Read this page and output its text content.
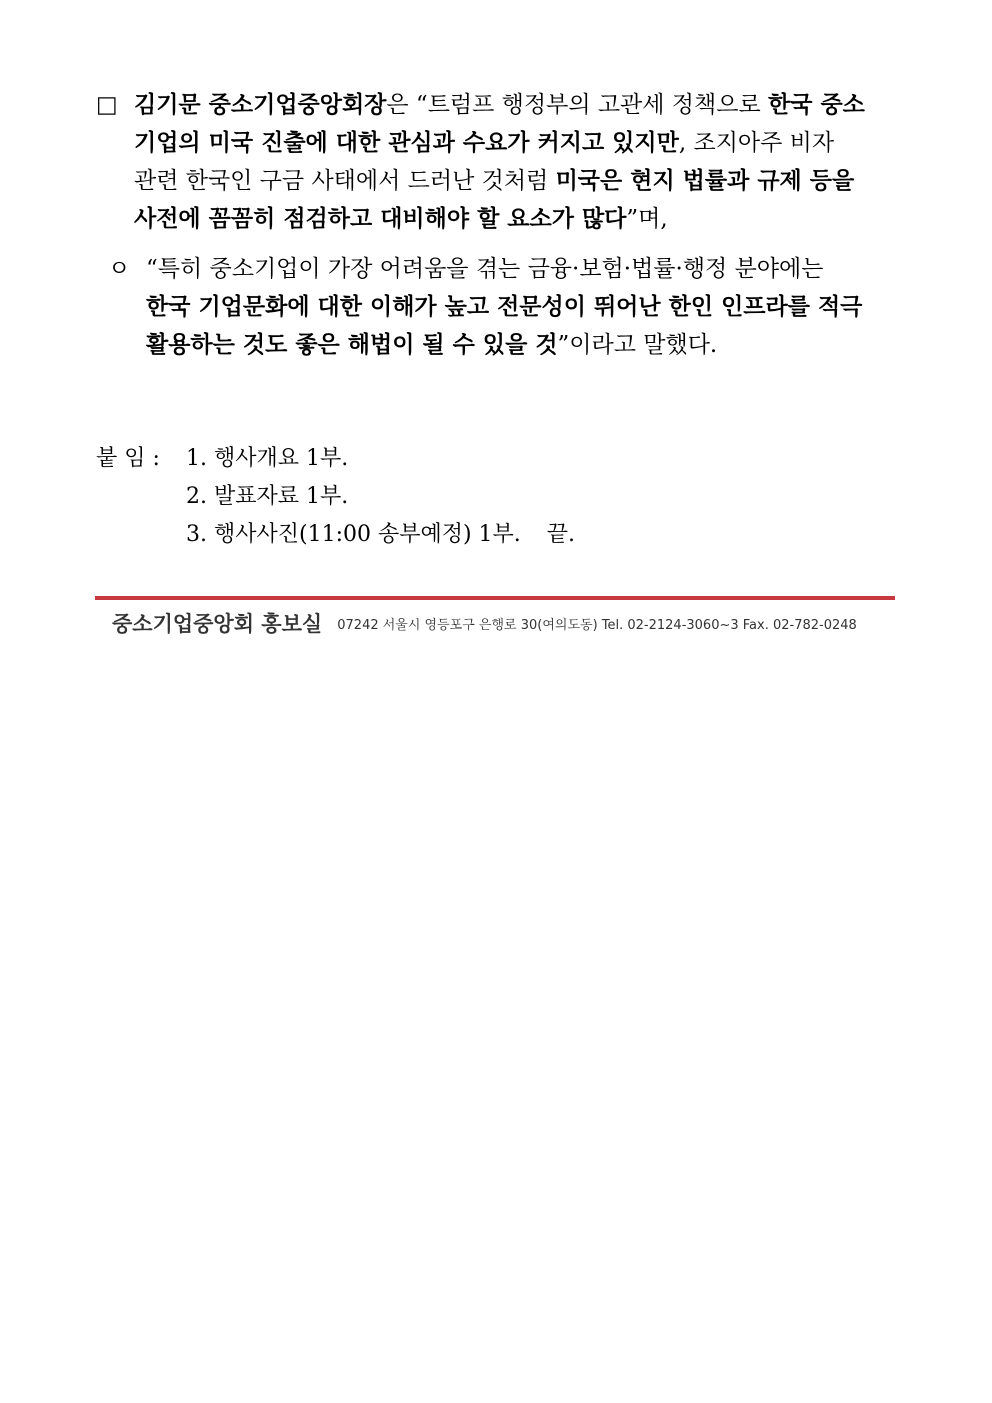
□ 김기문 중소기업중앙회장은 “트럼프 행정부의 고관세 정책으로 한국 중소
기업의 미국 진출에 대한 관심과 수요가 커지고 있지만, 조지아주 비자
관련 한국인 구금 사태에서 드러난 것처럼 미국은 현지 법률과 규제 등을
사전에 꼼꼼히 점검하고 대비해야 할 요소가 많다”며,
ㅇ “특히 중소기업이 가장 어려움을 겪는 금융·보험·법률·행정 분야에는
한국 기업문화에 대한 이해가 높고 전문성이 뛰어난 한인 인프라를 적극
활용하는 것도 좋은 해법이 될 수 있을 것”이라고 말했다.
붙 임 :	1. 행사개요 1부.
2. 발표자료 1부.
3. 행사사진(11:00 송부예정) 1부. 끝.
중소기업중앙회 홍보실 07242 서울시 영등포구 은행로 30(여의도동) Tel. 02-2124-3060~3 Fax. 02-782-0248
